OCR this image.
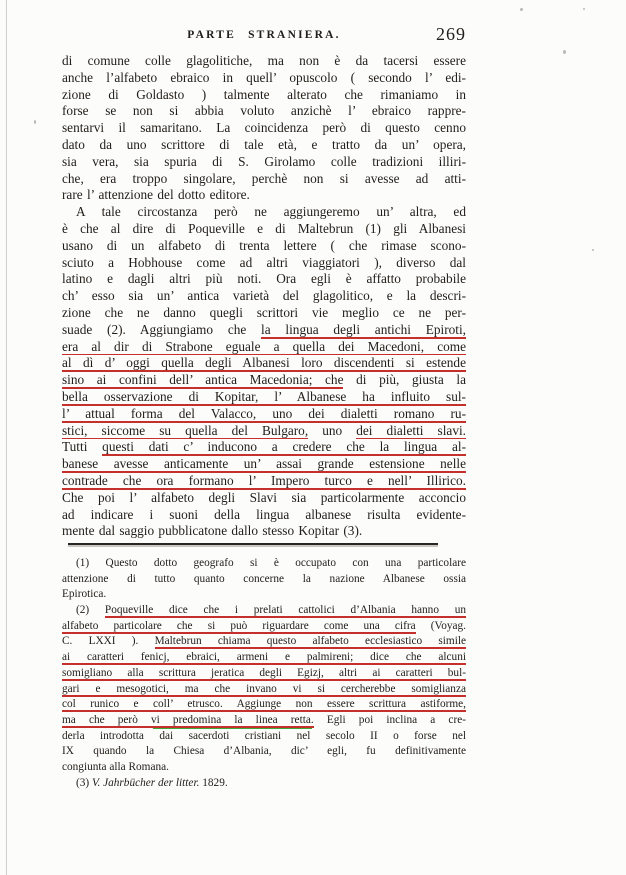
PARTE STRANIERA.	269
di comune colle glagolitiche, ma non è da tacersi essere
anche l’alfabeto ebraico in quell’ opuscolo ( secondo l’ edi-
zione di Goldasto ) talmente alterato che rimaniamo in
forse se non si abbia voluto anzichè l’ ebraico rappre-
sentarvi il samaritano. La coincidenza però di questo cenno
dato da uno scrittore di tale età, e tratto da un’ opera,
sia vera, sia spuria di S. Girolamo colle tradizioni illiri-
che, era troppo singolare, perchè non si avesse ad atti-
rare l’ attenzione del dotto editore.
A tale circostanza però ne aggiungeremo un’ altra, ed
è che al dire di Poqueville e di Maltebrun (1) gli Albanesi
usano di un alfabeto di trenta lettere ( che rimase scono-
sciuto a Hobhouse come ad altri viaggiatori ), diverso dal
latino e dagli altri più noti. Ora egli è affatto probabile
ch’ esso sia un’ antica varietà del glagolitico, e la descri-
zione che ne danno quegli scrittori vie meglio ce ne per-
suade (2). Aggiungiamo che la lingua degli antichi Epiroti,
era al dir di Strabone eguale a quella dei Macedoni, come
al dì d’ oggi quella degli Albanesi loro discendenti si estende
sino ai confini dell’ antica Macedonia; che di più, giusta la
bella osservazione di Kopitar, l’ Albanese ha influito sul-
l’ attual forma del Valacco, uno dei dialetti romano ru-
stici, siccome su quella del Bulgaro, uno dei dialetti slavi.
Tutti questi dati c’ inducono a credere che la lingua al-
banese avesse anticamente un’ assai grande estensione nelle
contrade che ora formano l’ Impero turco e nell’ Illirico.
Che poi l’ alfabeto degli Slavi sia particolarmente acconcio
ad indicare i suoni della lingua albanese risulta evidente-
mente dal saggio pubblicatone dallo stesso Kopitar (3).
(1) Questo dotto geografo si è occupato con una particolare
attenzione di tutto quanto concerne la nazione Albanese ossia
Epirotica.
(2) Poqueville dice che i prelati cattolici d’Albania hanno un
alfabeto particolare che si può riguardare come una cifra (Voyag.
C. LXXI ). Maltebrun chiama questo alfabeto ecclesiastico simile
ai caratteri fenicj, ebraici, armeni e palmireni; dice che alcuni
somigliano alla scrittura jeratica degli Egizj, altri ai caratteri bul-
gari e mesogotici, ma che invano vi si cercherebbe somiglianza
col runico e coll’ etrusco. Aggiunge non essere scrittura astiforme,
ma che però vi predomina la linea retta. Egli poi inclina a cre-
derla introdotta dai sacerdoti cristiani nel secolo II o forse nel
IX quando la Chiesa d’Albania, dic’ egli, fu definitivamente
congiunta alla Romana.
(3) V. Jahrbücher der litter. 1829.
